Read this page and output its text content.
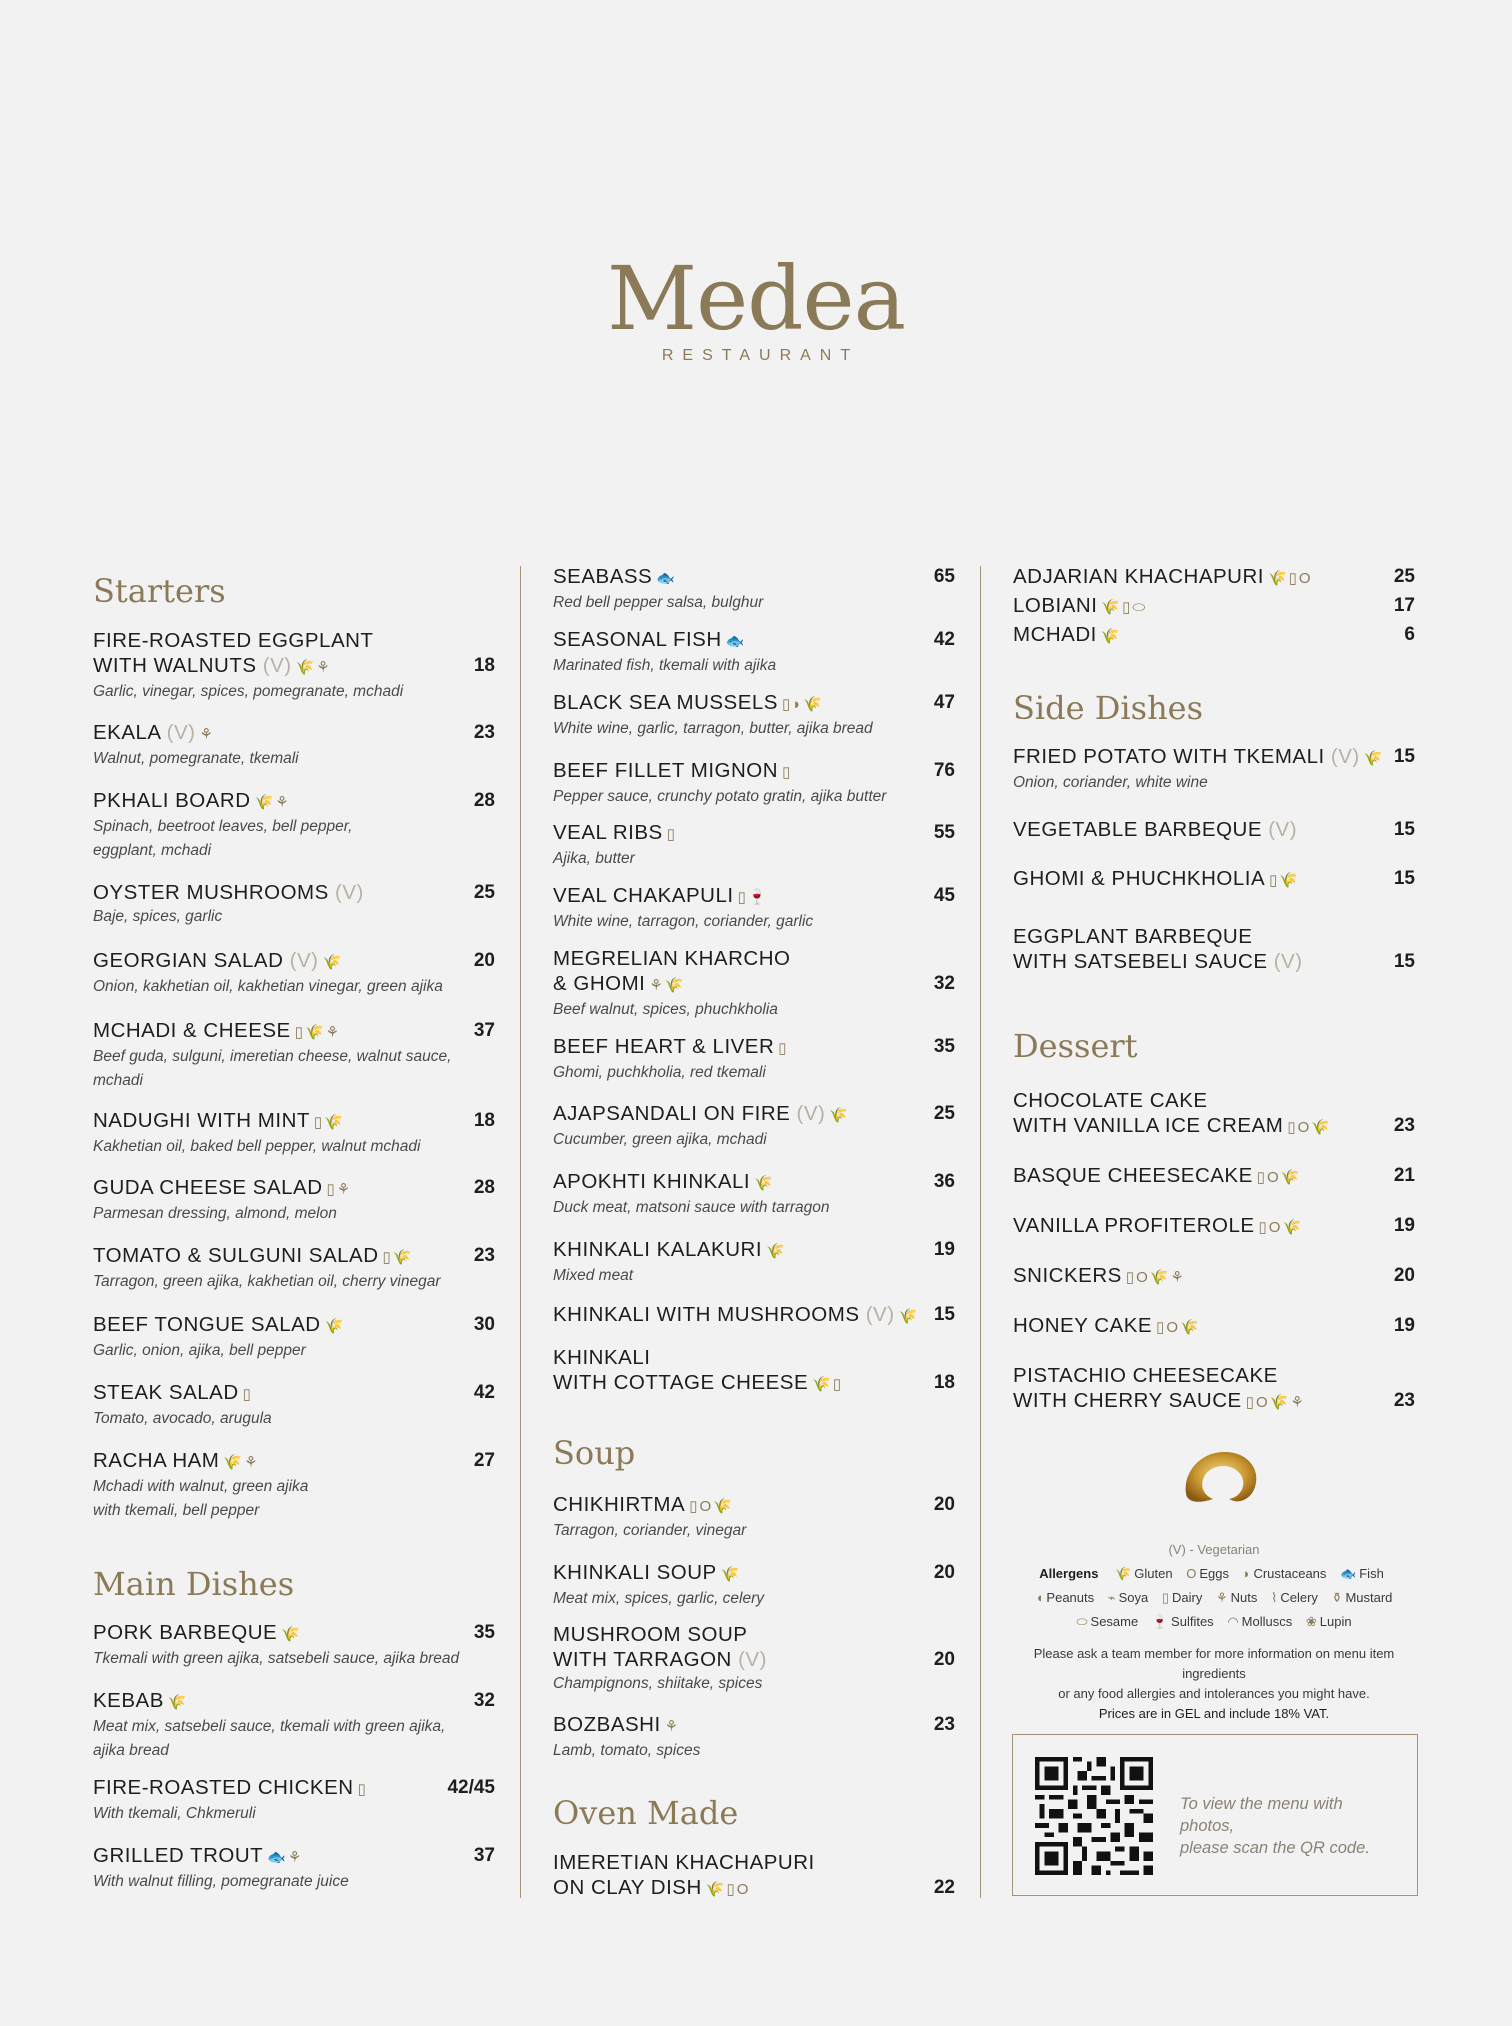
Medea
RESTAURANT
Starters
FIRE-ROASTED EGGPLANT
WITH WALNUTS (V) 🌾⚘	18
Garlic, vinegar, spices, pomegranate, mchadi
EKALA (V) ⚘	23
Walnut, pomegranate, tkemali
PKHALI BOARD 🌾⚘	28
Spinach, beetroot leaves, bell pepper,
eggplant, mchadi
OYSTER MUSHROOMS (V)	25
Baje, spices, garlic
GEORGIAN SALAD (V) 🌾	20
Onion, kakhetian oil, kakhetian vinegar, green ajika
MCHADI & CHEESE ▯🌾⚘	37
Beef guda, sulguni, imeretian cheese, walnut sauce,
mchadi
NADUGHI WITH MINT ▯🌾	18
Kakhetian oil, baked bell pepper, walnut mchadi
GUDA CHEESE SALAD ▯⚘	28
Parmesan dressing, almond, melon
TOMATO & SULGUNI SALAD ▯🌾	23
Tarragon, green ajika, kakhetian oil, cherry vinegar
BEEF TONGUE SALAD 🌾	30
Garlic, onion, ajika, bell pepper
STEAK SALAD ▯	42
Tomato, avocado, arugula
RACHA HAM 🌾⚘	27
Mchadi with walnut, green ajika
with tkemali, bell pepper
Main Dishes
PORK BARBEQUE 🌾	35
Tkemali with green ajika, satsebeli sauce, ajika bread
KEBAB 🌾	32
Meat mix, satsebeli sauce, tkemali with green ajika,
ajika bread
FIRE-ROASTED CHICKEN ▯	42/45
With tkemali, Chkmeruli
GRILLED TROUT 🐟⚘	37
With walnut filling, pomegranate juice
SEABASS 🐟	65
Red bell pepper salsa, bulghur
SEASONAL FISH 🐟	42
Marinated fish, tkemali with ajika
BLACK SEA MUSSELS ▯◗🌾	47
White wine, garlic, tarragon, butter, ajika bread
BEEF FILLET MIGNON ▯	76
Pepper sauce, crunchy potato gratin, ajika butter
VEAL RIBS ▯	55
Ajika, butter
VEAL CHAKAPULI ▯🍷	45
White wine, tarragon, coriander, garlic
MEGRELIAN KHARCHO
& GHOMI ⚘🌾	32
Beef walnut, spices, phuchkholia
BEEF HEART & LIVER ▯	35
Ghomi, puchkholia, red tkemali
AJAPSANDALI ON FIRE (V) 🌾	25
Cucumber, green ajika, mchadi
APOKHTI KHINKALI 🌾	36
Duck meat, matsoni sauce with tarragon
KHINKALI KALAKURI 🌾	19
Mixed meat
KHINKALI WITH MUSHROOMS (V) 🌾 15
KHINKALI
WITH COTTAGE CHEESE 🌾▯	18
Soup
CHIKHIRTMA ▯O🌾	20
Tarragon, coriander, vinegar
KHINKALI SOUP 🌾	20
Meat mix, spices, garlic, celery
MUSHROOM SOUP
WITH TARRAGON (V)	20
Champignons, shiitake, spices
BOZBASHI ⚘	23
Lamb, tomato, spices
Oven Made
IMERETIAN KHACHAPURI
ON CLAY DISH 🌾▯O	22
ADJARIAN KHACHAPURI 🌾▯O	25
LOBIANI 🌾▯⬭	17
MCHADI 🌾	6
Side Dishes
FRIED POTATO WITH TKEMALI (V) 🌾 15
Onion, coriander, white wine
VEGETABLE BARBEQUE (V)	15
GHOMI & PHUCHKHOLIA ▯🌾	15
EGGPLANT BARBEQUE
WITH SATSEBELI SAUCE (V)	15
Dessert
CHOCOLATE CAKE
WITH VANILLA ICE CREAM ▯O🌾	23
BASQUE CHEESECAKE ▯O🌾	21
VANILLA PROFITEROLE ▯O🌾	19
SNICKERS ▯O🌾⚘	20
HONEY CAKE ▯O🌾	19
PISTACHIO CHEESECAKE
WITH CHERRY SAUCE ▯O🌾⚘	23
(V) - Vegetarian
Allergens 🌾 Gluten O Eggs ◗ Crustaceans 🐟 Fish
◖ Peanuts ⌁ Soya ▯ Dairy ⚘ Nuts ⌇ Celery ⚱ Mustard
⬭ Sesame 🍷 Sulfites ◠ Molluscs ❀ Lupin
Please ask a team member for more information on menu item ingredients
or any food allergies and intolerances you might have.
Prices are in GEL and include 18% VAT.
To view the menu with photos,
please scan the QR code.
